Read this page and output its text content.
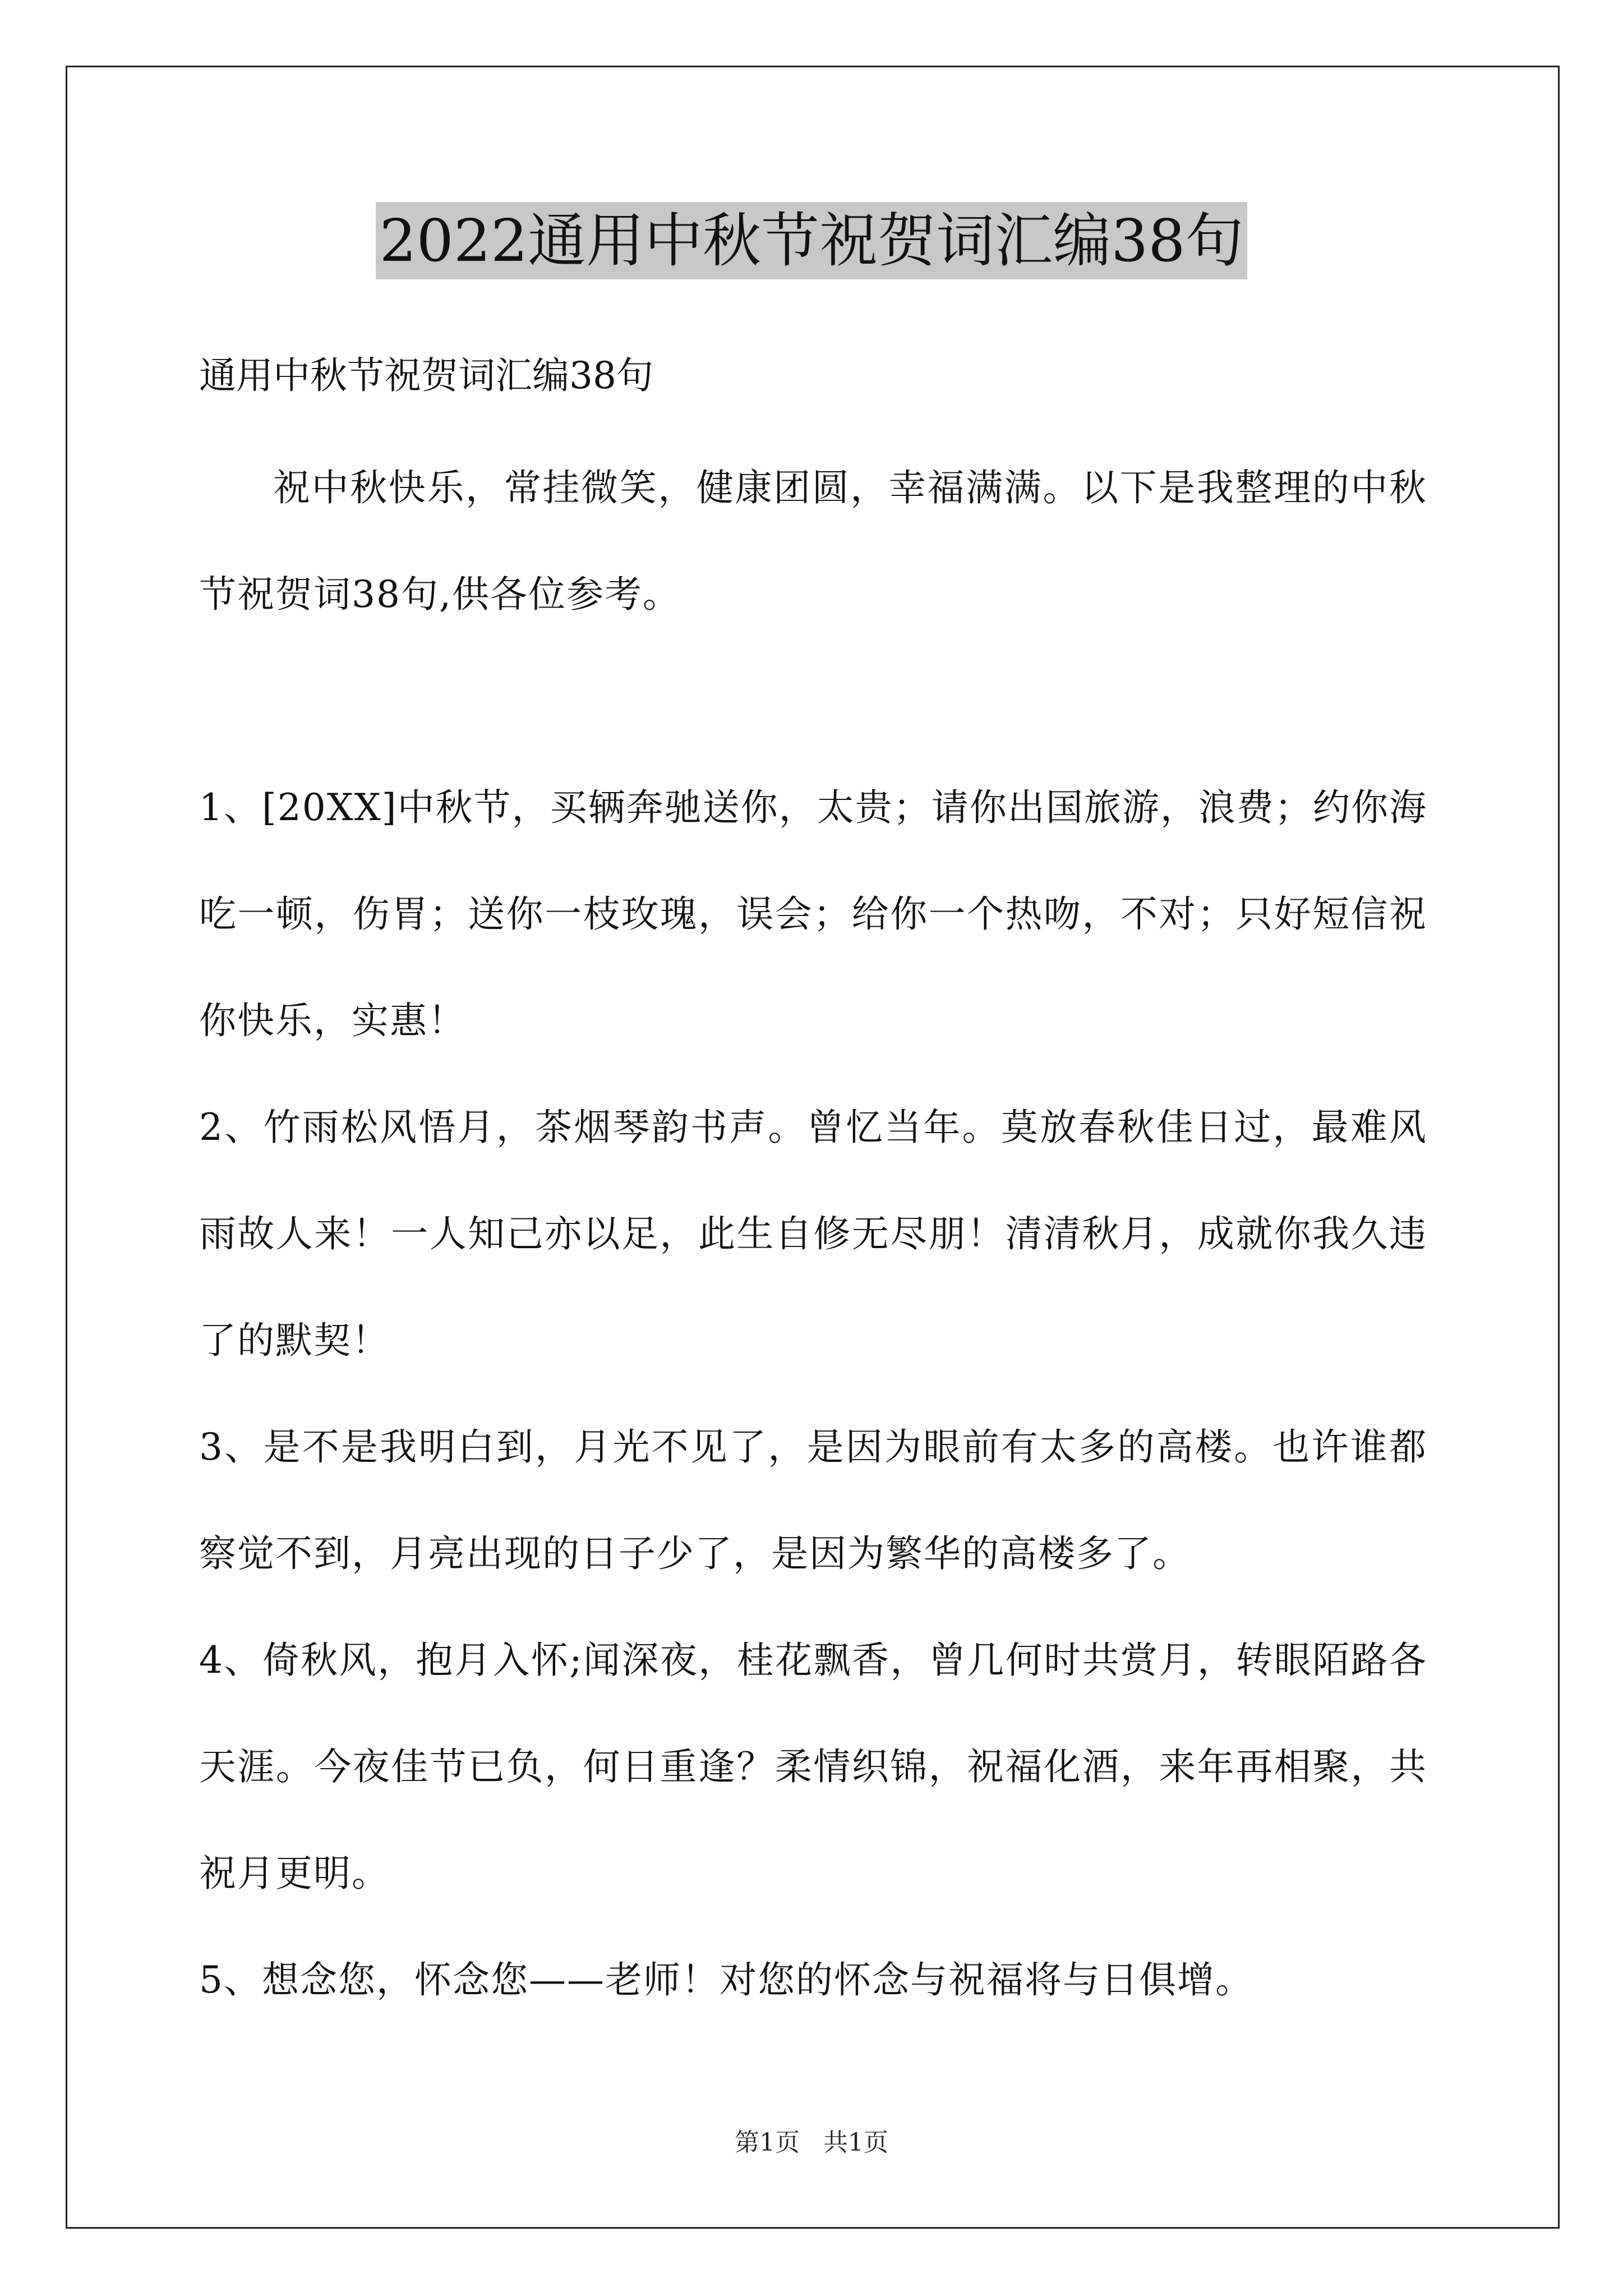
2022通用中秋节祝贺词汇编38句
通用中秋节祝贺词汇编38句
祝中秋快乐，常挂微笑，健康团圆，幸福满满。以下是我整理的中秋节祝贺词38句,供各位参考。

1、[20XX]中秋节，买辆奔驰送你，太贵；请你出国旅游，浪费；约你海吃一顿，伤胃；送你一枝玫瑰，误会；给你一个热吻，不对；只好短信祝你快乐，实惠！

2、竹雨松风悟月，茶烟琴韵书声。曾忆当年。莫放春秋佳日过，最难风雨故人来！一人知己亦以足，此生自修无尽朋！清清秋月，成就你我久违了的默契！

3、是不是我明白到，月光不见了，是因为眼前有太多的高楼。也许谁都察觉不到，月亮出现的日子少了，是因为繁华的高楼多了。

4、倚秋风，抱月入怀;闻深夜，桂花飘香，曾几何时共赏月，转眼陌路各天涯。今夜佳节已负，何日重逢？柔情织锦，祝福化酒，来年再相聚，共祝月更明。

5、想念您，怀念您——老师！对您的怀念与祝福将与日俱增。

第1页   共1页
